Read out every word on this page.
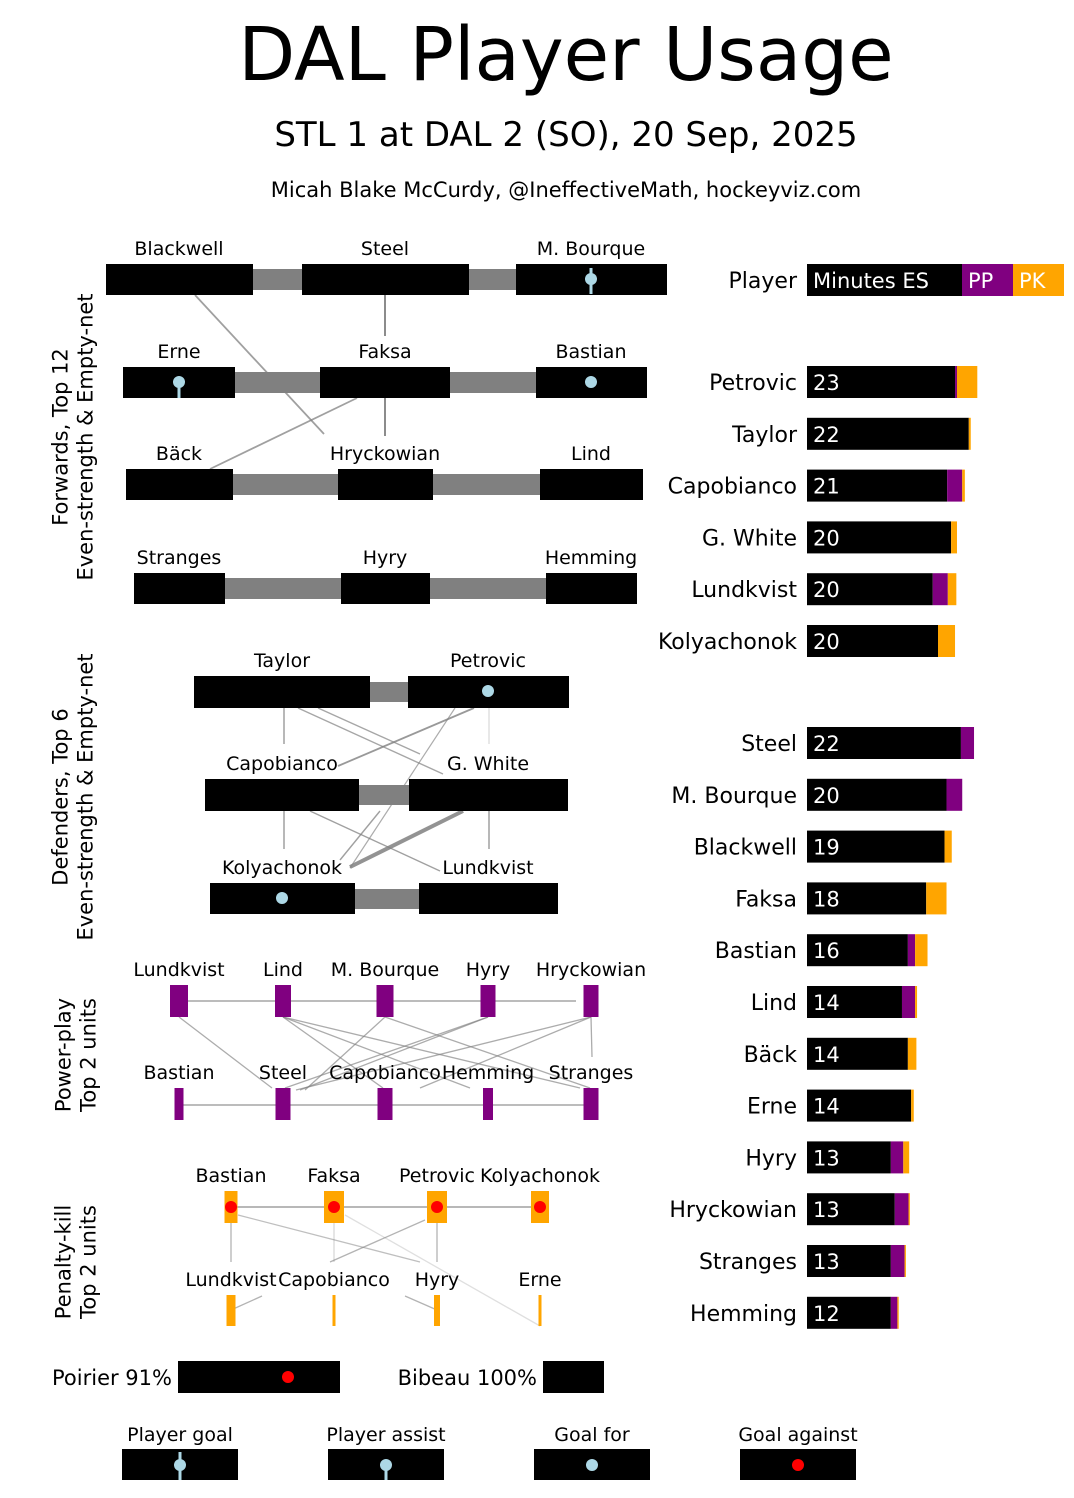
DAL Player Usage
STL 1 at DAL 2 (SO), 20 Sep, 2025
Micah Blake McCurdy, @IneffectiveMath, hockeyviz.com
Blackwell	Steel	M. Bourque
Erne	Faksa	Bastian
Bäck	Hryckowian	Lind
Stranges	Hyry	Hemming
Taylor	Petrovic
Capobianco	G. White
Kolyachonok	Lundkvist
Lundkvist
Bastian
Lind
Steel
M. Bourque
Capobianco
Hyry
Hemming
Hryckowian
Stranges
Bastian
Lundkvist
Faksa
Capobianco
Petrovic
Hyry
Kolyachonok
Erne
Forwards, Top 12 Even-strength & Empty-net
Defenders, Top 6 Even-strength & Empty-net
Power-play Top 2 units
Penalty-kill Top 2 units
Player Minutes ES PP PK
Petrovic 23
Taylor 22
Capobianco 21
G. White 20
Lundkvist 20
Kolyachonok 20
Steel 22
M. Bourque 20
Blackwell 19
Faksa 18
Bastian 16
Lind 14
Bäck 14
Erne 14
Hyry 13
Hryckowian 13
Stranges 13
Hemming 12
Poirier 91%	Bibeau 100%
Player goal	Player assist	Goal for	Goal against
